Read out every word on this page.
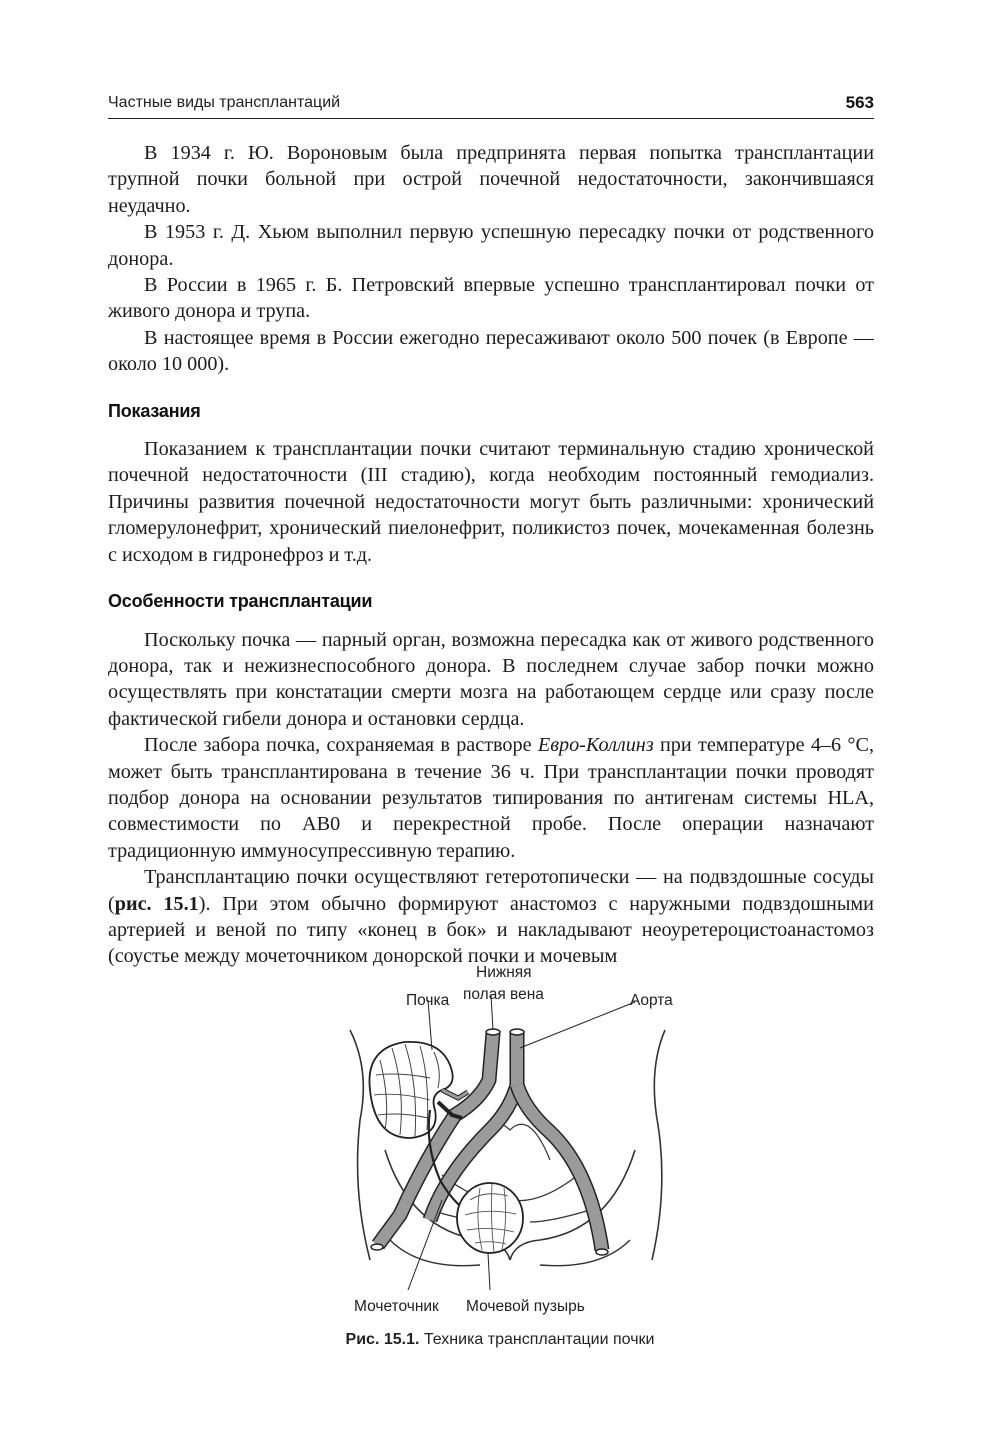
Частные виды трансплантаций	563

В 1934 г. Ю. Вороновым была предпринята первая попытка трансплантации трупной почки больной при острой почечной недостаточности, закончившаяся неудачно.

В 1953 г. Д. Хьюм выполнил первую успешную пересадку почки от родственного донора.

В России в 1965 г. Б. Петровский впервые успешно трансплантировал почки от живого донора и трупа.

В настоящее время в России ежегодно пересаживают около 500 почек (в Европе — около 10 000).

Показания

Показанием к трансплантации почки считают терминальную стадию хронической почечной недостаточности (III стадию), когда необходим постоянный гемодиализ. Причины развития почечной недостаточности могут быть различными: хронический гломерулонефрит, хронический пиелонефрит, поликистоз почек, мочекаменная болезнь с исходом в гидронефроз и т.д.

Особенности трансплантации

Поскольку почка — парный орган, возможна пересадка как от живого родственного донора, так и нежизнеспособного донора. В последнем случае забор почки можно осуществлять при констатации смерти мозга на работающем сердце или сразу после фактической гибели донора и остановки сердца.

После забора почка, сохраняемая в растворе Евро-Коллинз при температуре 4–6 °С, может быть трансплантирована в течение 36 ч. При трансплантации почки проводят подбор донора на основании результатов типирования по антигенам системы HLA, совместимости по АВ0 и перекрестной пробе. После операции назначают традиционную иммуносупрессивную терапию.

Трансплантацию почки осуществляют гетеротопически — на подвздошные сосуды (рис. 15.1). При этом обычно формируют анастомоз с наружными подвздошными артерией и веной по типу «конец в бок» и накладывают неоуретероцистоанастомоз (соустье между мочеточником донорской почки и мочевым

Нижняя
полая вена
Почка	Аорта
Мочеточник Мочевой пузырь
Рис. 15.1. Техника трансплантации почки
